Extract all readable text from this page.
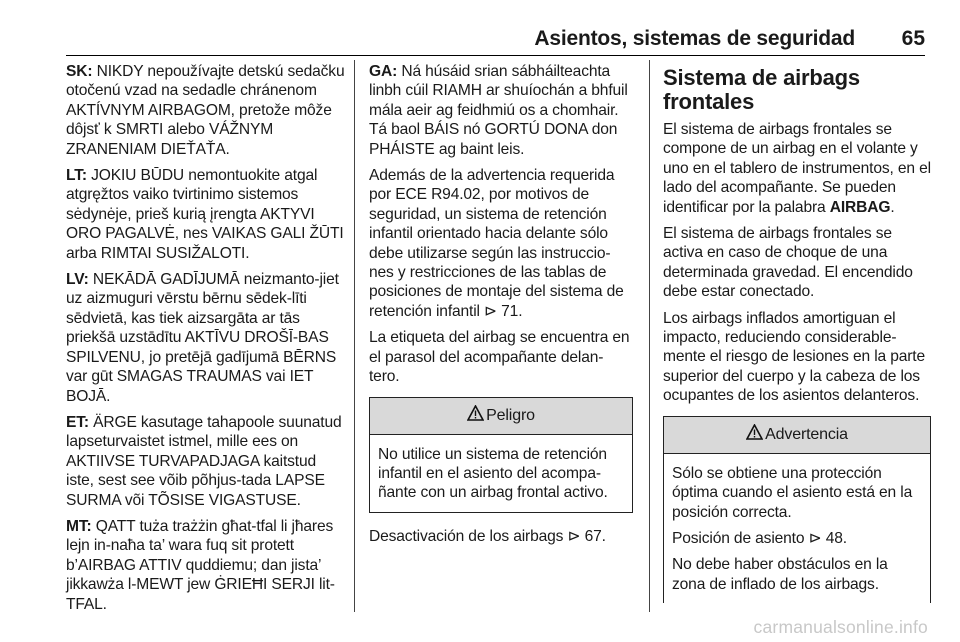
Asientos, sistemas de seguridad 65

SK: NIKDY nepoužívajte detskú sedačku otočenú vzad na sedadle chránenom AKTÍVNYM AIRBAGOM, pretože môže dôjsť k SMRTI alebo VÁŽNYM ZRANENIAM DIEŤAŤA.

LT: JOKIU BŪDU nemontuokite atgal atgręžtos vaiko tvirtinimo sistemos sėdynėje, prieš kurią įrengta AKTYVI ORO PAGALVĖ, nes VAIKAS GALI ŽŪTI arba RIMTAI SUSIŽALOTI.

LV: NEKĀDĀ GADĪJUMĀ neizmanto-jiet uz aizmuguri vērstu bērnu sēdek-līti sēdvietā, kas tiek aizsargāta ar tās priekšā uzstādītu AKTĪVU DROŠĪ-BAS SPILVENU, jo pretējā gadījumā BĒRNS var gūt SMAGAS TRAUMAS vai IET BOJĀ.

ET: ÄRGE kasutage tahapoole suunatud lapseturvaistet istmel, mille ees on AKTIIVSE TURVAPADJAGA kaitstud iste, sest see võib põhjus-tada LAPSE SURMA või TÕSISE VIGASTUSE.

MT: QATT tuża trażżin għat-tfal li jħares lejn in-naħa ta’ wara fuq sit protett b’AIRBAG ATTIV quddiemu; dan jista’ jikkawża l-MEWT jew ĠRIEĦI SERJI lit-TFAL.

GA: Ná húsáid srian sábháilteachta linbh cúil RIAMH ar shuíochán a bhfuil mála aeir ag feidhmiú os a chomhair. Tá baol BÁIS nó GORTÚ DONA don PHÁISTE ag baint leis.

Además de la advertencia requerida por ECE R94.02, por motivos de seguridad, un sistema de retención infantil orientado hacia delante sólo debe utilizarse según las instruccio-nes y restricciones de las tablas de posiciones de montaje del sistema de retención infantil ⊳ 71.

La etiqueta del airbag se encuentra en el parasol del acompañante delan-tero.

Peligro

No utilice un sistema de retención infantil en el asiento del acompa-ñante con un airbag frontal activo.

Desactivación de los airbags ⊳ 67.

Sistema de airbags frontales

El sistema de airbags frontales se compone de un airbag en el volante y uno en el tablero de instrumentos, en el lado del acompañante. Se pueden identificar por la palabra AIRBAG.

El sistema de airbags frontales se activa en caso de choque de una determinada gravedad. El encendido debe estar conectado.

Los airbags inflados amortiguan el impacto, reduciendo considerable-mente el riesgo de lesiones en la parte superior del cuerpo y la cabeza de los ocupantes de los asientos delanteros.

Advertencia

Sólo se obtiene una protección óptima cuando el asiento está en la posición correcta.

Posición de asiento ⊳ 48.

No debe haber obstáculos en la zona de inflado de los airbags.

carmanualsonline.info
